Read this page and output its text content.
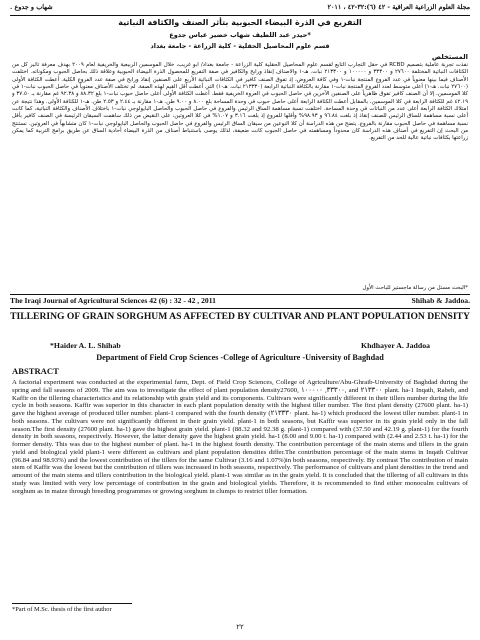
شهاب و جدوع .	مجلة العلوم الزراعية العراقية - ٤٢ (٦):٣٢-٤٢ ، ٢٠١١
التفريع في الذرة البيضاء الحبوبية بتأثر الصنف والكثافة النباتية
*حيدر عبد اللطيف شهاب خضير عباس جدوع
قسم علوم المحاصيل الحقلية - كلية الزراعة - جامعة بغداد
المستخلص
نفذت تجربة عاملية بتصميم RCBD في حقل التجارب التابع لقسم علوم المحاصيل الحقلية كلية الزراعة - جامعة بغداد/ ابو غريب، خلال الموسمين الربيعية والخريفية لعام ٢٠٠٩ بهدف معرفة تأثير كل من الكثافات النباتية المختلفة ٢٧٦٠٠ و ٣٣٣٠٠ و ١٠٠٠٠٠ و ٢١٣٣٠٠ نبات. هـ-١ والاصناف إنقاذ ورابح والكافير في صفة التفريع للمحصول الذرة البيضاء الحبوبية وعلاقة ذلك بحاصل الحبوب ومكوناته. اختلفت الأصناف فيما بينها معنوياً في عدد الفروع المنتجة نبات-١ وفي كافة العروض، إذ تفوق الصنف كافير في الكثافات النباتية الأربع على الصنفين إنقاذ ورابح في صفة عدد الفروع الكلية. أعطت الكثافة الأولى (٢٧٦٠٠ نبات. هـ-١) أعلى متوسط لعدد الفروع المنتجة نبات-١ مقارنة بالكثافة النباتية الرابعة (٢١٣٣٣٠ نبات. هـ-١) التي أعطت أقل القيم لهذه الصفة. لم تختلف الأصناف معنوياً في حاصل الحبوب نبات-١ في كلا الموسمين، إلا أن الصنف كافير تفوق ظاهرياً على الصنفين الآخرين في حاصل الحبوب في العروة الخريفية فقط. أعطت الكثافة الأولى أعلى حاصل حبوب نبات-١ بلغ ٨٨.٣٢ و ٩٢.٣٨ غم مقارنة بـ ٣٧.٥٠ و ٤٢.١٩ غم للكثافة الرابعة في كلا الموسمين، بالمقابل أعطت الكثافة الرابعة أعلى حاصل حبوب في وحدة المساحة بلغ ٨.٠٠ و ٩.٠٠ طن. هـ-١ مقارنة بـ ٢.٤٤ و ٢.٥٣ طن. هـ-١ للكثافة الأولى. وهذا نتيجة عن امتلاك الكثافة الرابعة أعلى عدد من النباتات في وحدة المساحة. اختلفت نسبة مساهمة الساق الرئيس والفروع في حاصل الحبوب والحاصل البايولوجي نبات-١ باختلاف الأصناف والكثافة النباتية، كما كانت أعلى نسبة مساهمة للساق الرئيس للصنف إنقاذ إذ بلغت ٩٦.٨٤ و ٩٨.٩٣% وأقلها للفروع إذ بلغت ٣.١٦ و ١.٠٧% في كلا العروتين، على النقيض من ذلك ساهمت السيقان الرئيسة في الصنف كافير بأقل نسبة مساهمة في حاصل الحبوب مقارنة بالفروع. يتضح من هذه الدراسة أن كلا النوعين من سيقان الساق الرئيس والفروع في حاصل الحبوب والحاصل البايولوجي نبات-١ كان متشابهاً في العروتين. نستنتج من البحث إن التفريع في أصناف هذه الدراسة كان محدوداً ومساهمته في حاصل الحبوب كانت ضعيفة، لذلك يوصى باستنباط أصناف من الذرة البيضاء أحادية الساق عن طريق برامج التربية كما يمكن زراعتها بكثافات نباتية عالية للحد من التفريع.
*البحث مستل من رسالة ماجستير للباحث الأول
The Iraqi Journal of Agricultural Sciences 42 (6) : 32 - 42 , 2011	Shihab & Jaddoa.
TILLERING OF GRAIN SORGHUM AS AFFECTED BY CULTIVAR AND PLANT POPULATION DENSITY
*Haider A. L. Shihab	Khdhayer A. Jaddoa
Department of Field Crop Sciences -College of Agriculture -University of Baghdad
ABSTRACT
A factorial experiment was conducted at the experimental farm, Dept. of Field Crop Sciences, College of Agriculture/Abu-Ghraib-University of Baghdad during the spring and fall seasons of 2009. The aim was to investigate the effect of plant population density27600, ٣٣٣٠٠, ١٠٠٠٠٠, and ٢١٣٣٠٠ plant. ha-1 Inqath, Rabeh, and Kaffir on the tillering characteristics and its relationship with grain yield and its components. Cultivars were significantly different in their tillers number during the life cycle in both seasons. Kaffir was superior in this character in each plant population density with the highest tiller number. The first plant density (27600 plant. ha-1) gave the highest average of produced tiller number. plant-1 compared with the fourth density (٢١٣٣٣٠ plant. ha-1) which produced the lowest tiller number. plant-1 in both seasons. The cultivars were not significantly different in their grain yield. plant-1 in both seasons, but Kaffir was superior in its grain yield only in the fall season.The first density (27600 plant. ha-1) gave the highest grain yield. plant-1 (88.32 and 92.38 g. plant-1) compared with (37.50 and 42.19 g. plant-1) for the fourth density in both seasons, respectively. However, the latter density gave the highest grain yield. ha-1 (8.00 and 9.00 t. ha-1) compared with (2.44 and 2.53 t. ha-1) for the former density. This was due to the highest number of plant. ha-1 in the highest fourth density. The contribution percentage of the main stems and tillers in the grain yield and biological yield plant-1 were different as cultivars and plant population densities differ.The contribution percentage of the main stems in Inqath Cultivar (96.84 and 98.93%) and the lowest contribution of the tillers for the same Cultivar (3.16 and 1.07%)in both seasons, respectively. By contrast The contribution of main stem of Kaffir was the lowest but the contribution of tillers was increased in both seasons, respectively. The performance of cultivars and plant densities in the trend and amount of the main stems and tillers contribution in the biological yield. plant-1 was similar as in the grain yield. It is concluded that the tillering of all cultivars in this study was limited with very low percentage of contribution in the grain and biological yields. Therefore, it is recommended to find either monoculm cultivars of sorghum as in maize through breeding programmes or growing sorghum in clumps to restrict tiller formation.
*Part of M.Sc. thesis of the first author
٢٢
